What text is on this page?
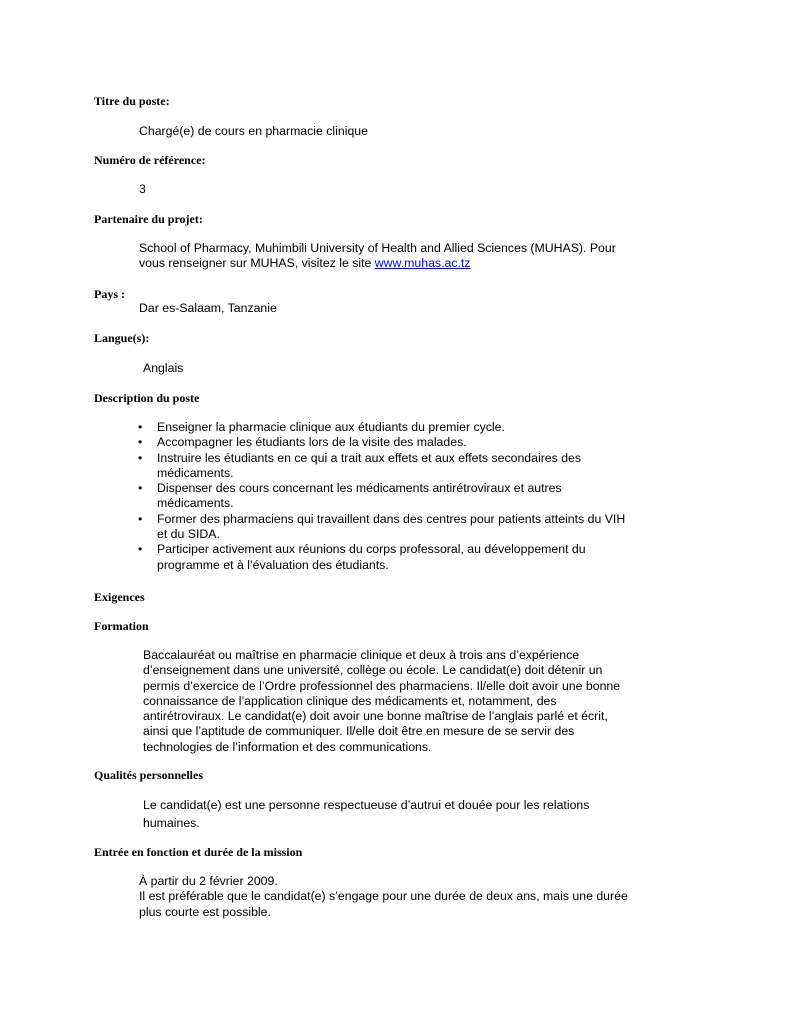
Titre du poste:
Chargé(e) de cours en pharmacie clinique
Numéro de référence:
3
Partenaire du projet:
School of Pharmacy, Muhimbili University of Health and Allied Sciences (MUHAS). Pour
vous renseigner sur MUHAS, visitez le site www.muhas.ac.tz
Pays :
Dar es-Salaam, Tanzanie
Langue(s):
Anglais
Description du poste
• Enseigner la pharmacie clinique aux étudiants du premier cycle.
• Accompagner les étudiants lors de la visite des malades.
• Instruire les étudiants en ce qui a trait aux effets et aux effets secondaires des
médicaments.
• Dispenser des cours concernant les médicaments antirétroviraux et autres
médicaments.
• Former des pharmaciens qui travaillent dans des centres pour patients atteints du VIH
et du SIDA.
• Participer activement aux réunions du corps professoral, au développement du
programme et à l’évaluation des étudiants.
Exigences
Formation
Baccalauréat ou maîtrise en pharmacie clinique et deux à trois ans d’expérience
d’enseignement dans une université, collège ou école. Le candidat(e) doit détenir un
permis d’exercice de l’Ordre professionnel des pharmaciens. Il/elle doit avoir une bonne
connaissance de l’application clinique des médicaments et, notamment, des
antirétroviraux. Le candidat(e) doit avoir une bonne maîtrise de l’anglais parlé et écrit,
ainsi que l’aptitude de communiquer. Il/elle doit être en mesure de se servir des
technologies de l’information et des communications.
Qualités personnelles
Le candidat(e) est une personne respectueuse d’autrui et douée pour les relations
humaines.
Entrée en fonction et durée de la mission
À partir du 2 février 2009.
Il est préférable que le candidat(e) s’engage pour une durée de deux ans, mais une durée
plus courte est possible.
